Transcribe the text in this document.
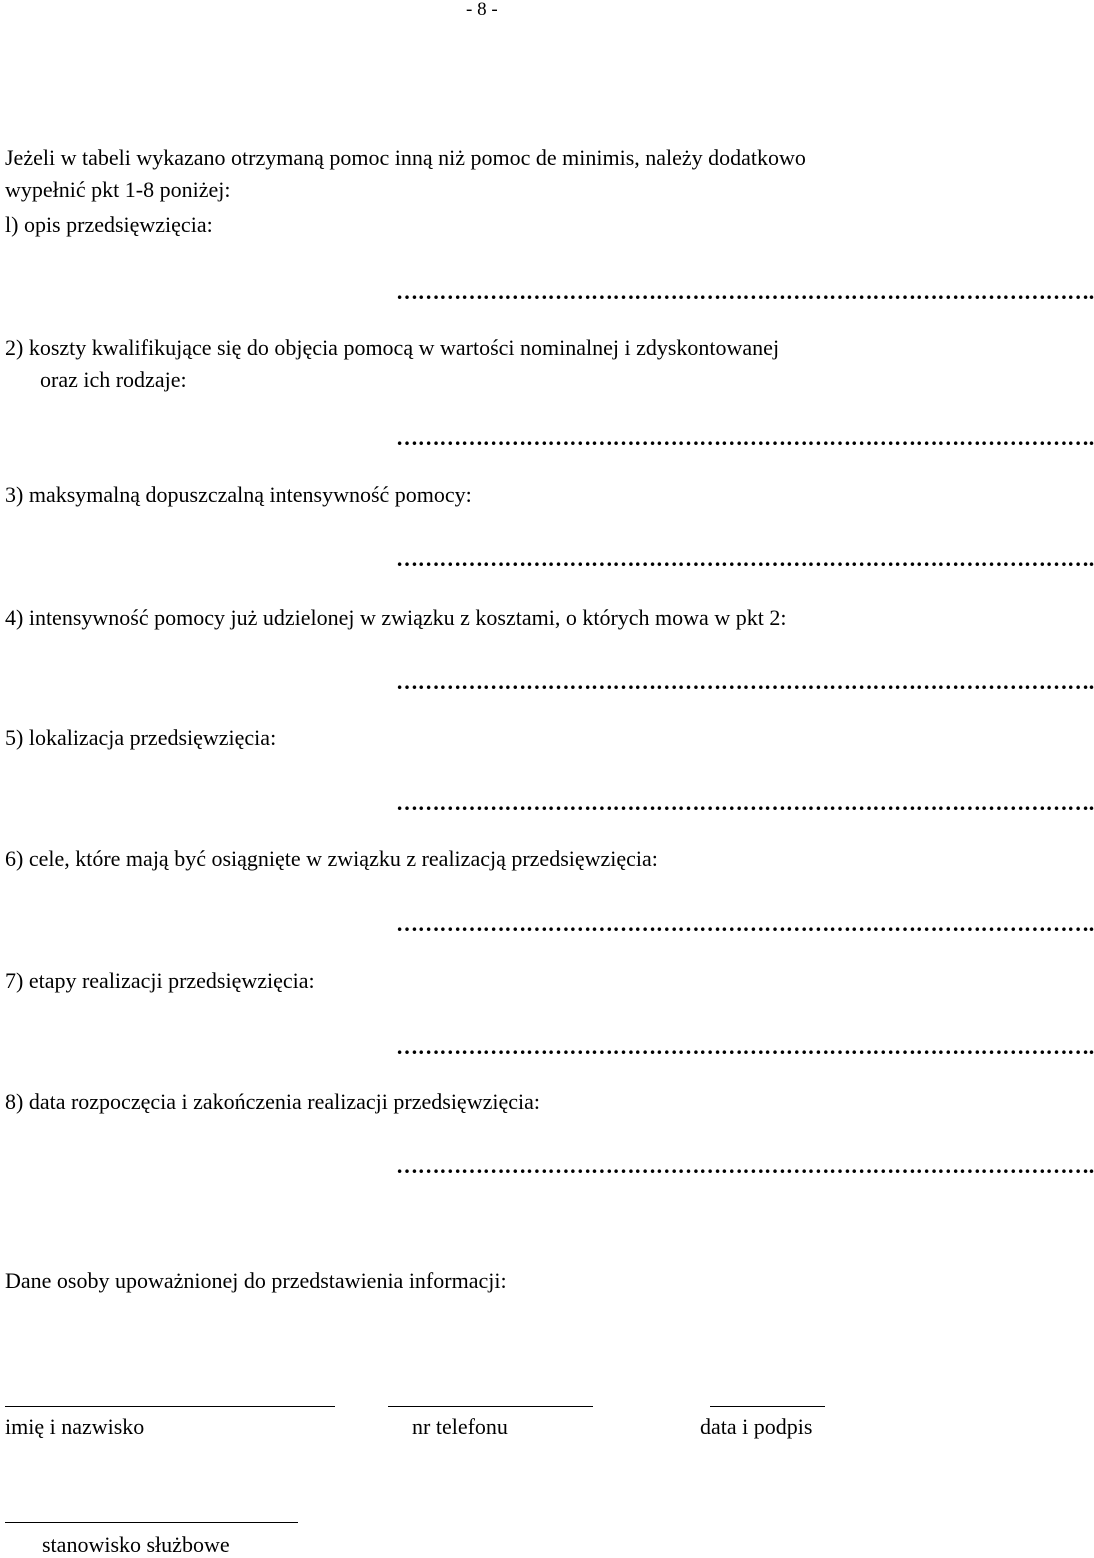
- 8 -
Jeżeli w tabeli wykazano otrzymaną pomoc inną niż pomoc de minimis, należy dodatkowo
wypełnić pkt 1-8 poniżej:
l) opis przedsięwzięcia:
…………………………………………………………………………………….
2) koszty kwalifikujące się do objęcia pomocą w wartości nominalnej i zdyskontowanej
oraz ich rodzaje:
…………………………………………………………………………………….
3) maksymalną dopuszczalną intensywność pomocy:
…………………………………………………………………………………….
4) intensywność pomocy już udzielonej w związku z kosztami, o których mowa w pkt 2:
…………………………………………………………………………………….
5) lokalizacja przedsięwzięcia:
…………………………………………………………………………………….
6) cele, które mają być osiągnięte w związku z realizacją przedsięwzięcia:
…………………………………………………………………………………….
7) etapy realizacji przedsięwzięcia:
…………………………………………………………………………………….
8) data rozpoczęcia i zakończenia realizacji przedsięwzięcia:
…………………………………………………………………………………….
Dane osoby upoważnionej do przedstawienia informacji:
imię i nazwisko	nr telefonu	data i podpis
stanowisko służbowe
